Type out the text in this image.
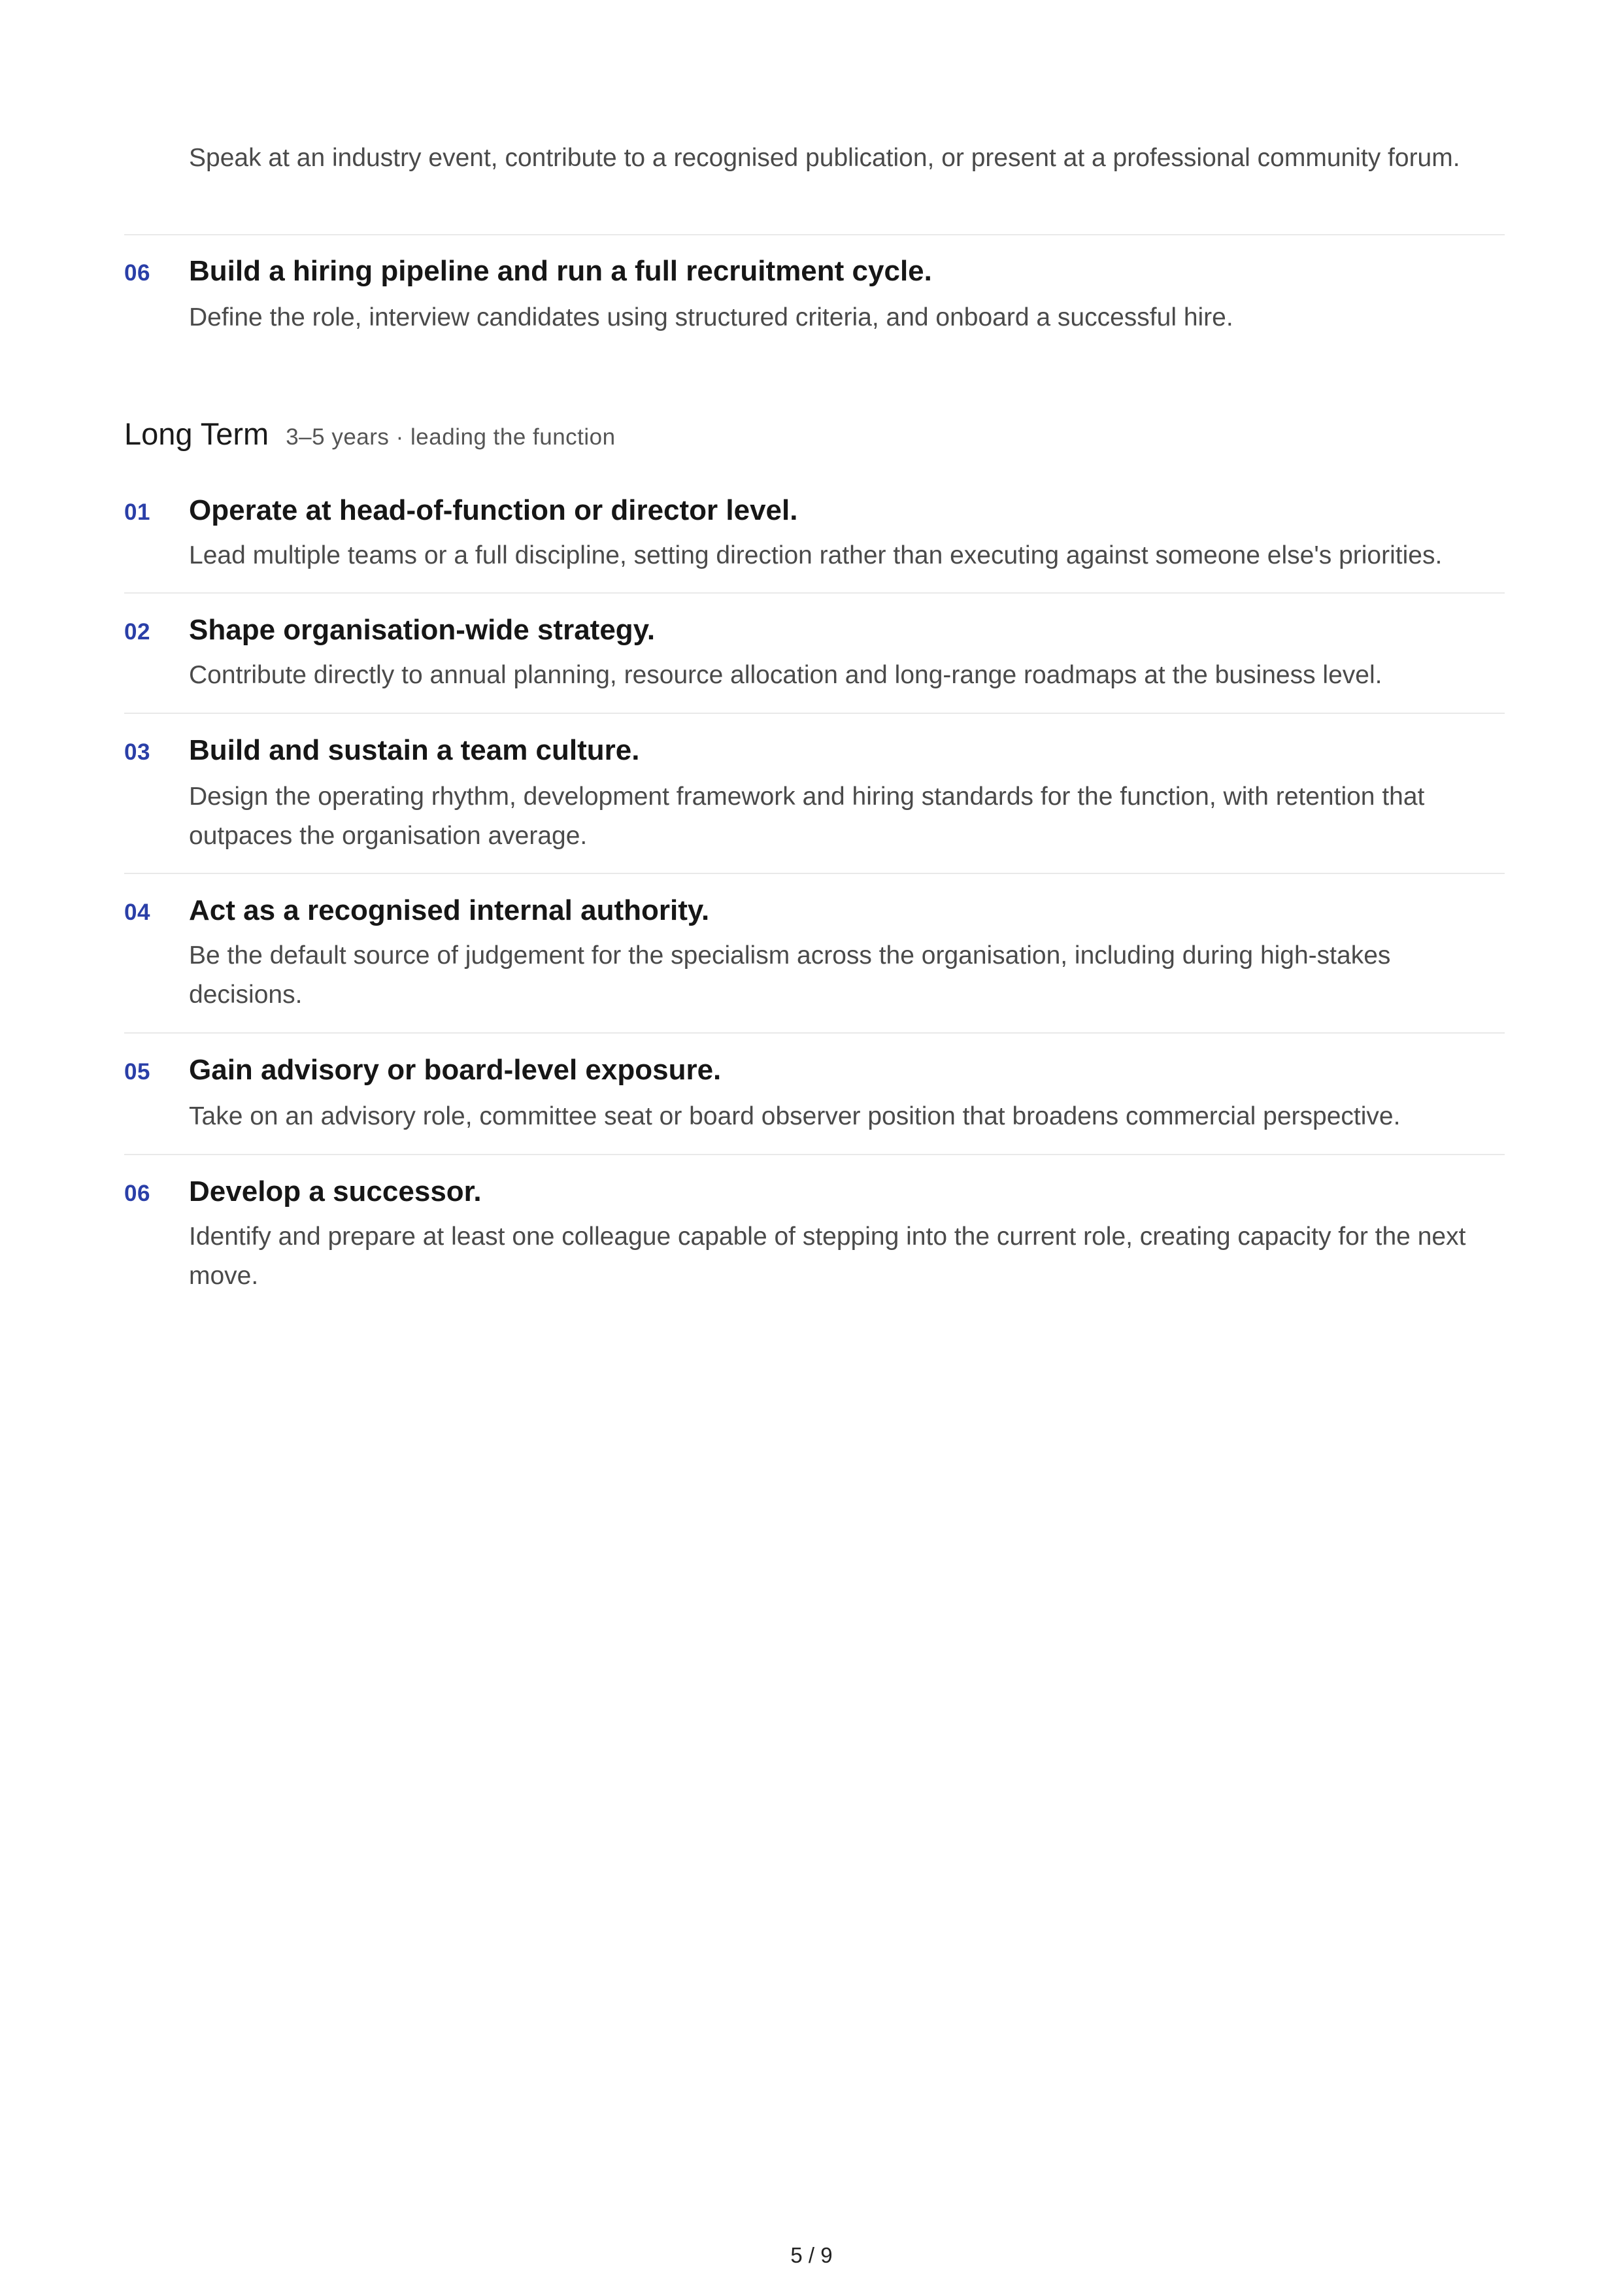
Speak at an industry event, contribute to a recognised publication, or present at a professional community forum.
06 Build a hiring pipeline and run a full recruitment cycle.
Define the role, interview candidates using structured criteria, and onboard a successful hire.
Long Term 3–5 years · leading the function
01 Operate at head-of-function or director level.
Lead multiple teams or a full discipline, setting direction rather than executing against someone else's priorities.
02 Shape organisation-wide strategy.
Contribute directly to annual planning, resource allocation and long-range roadmaps at the business level.
03 Build and sustain a team culture.
Design the operating rhythm, development framework and hiring standards for the function, with retention that outpaces the organisation average.
04 Act as a recognised internal authority.
Be the default source of judgement for the specialism across the organisation, including during high-stakes decisions.
05 Gain advisory or board-level exposure.
Take on an advisory role, committee seat or board observer position that broadens commercial perspective.
06 Develop a successor.
Identify and prepare at least one colleague capable of stepping into the current role, creating capacity for the next move.
5 / 9
